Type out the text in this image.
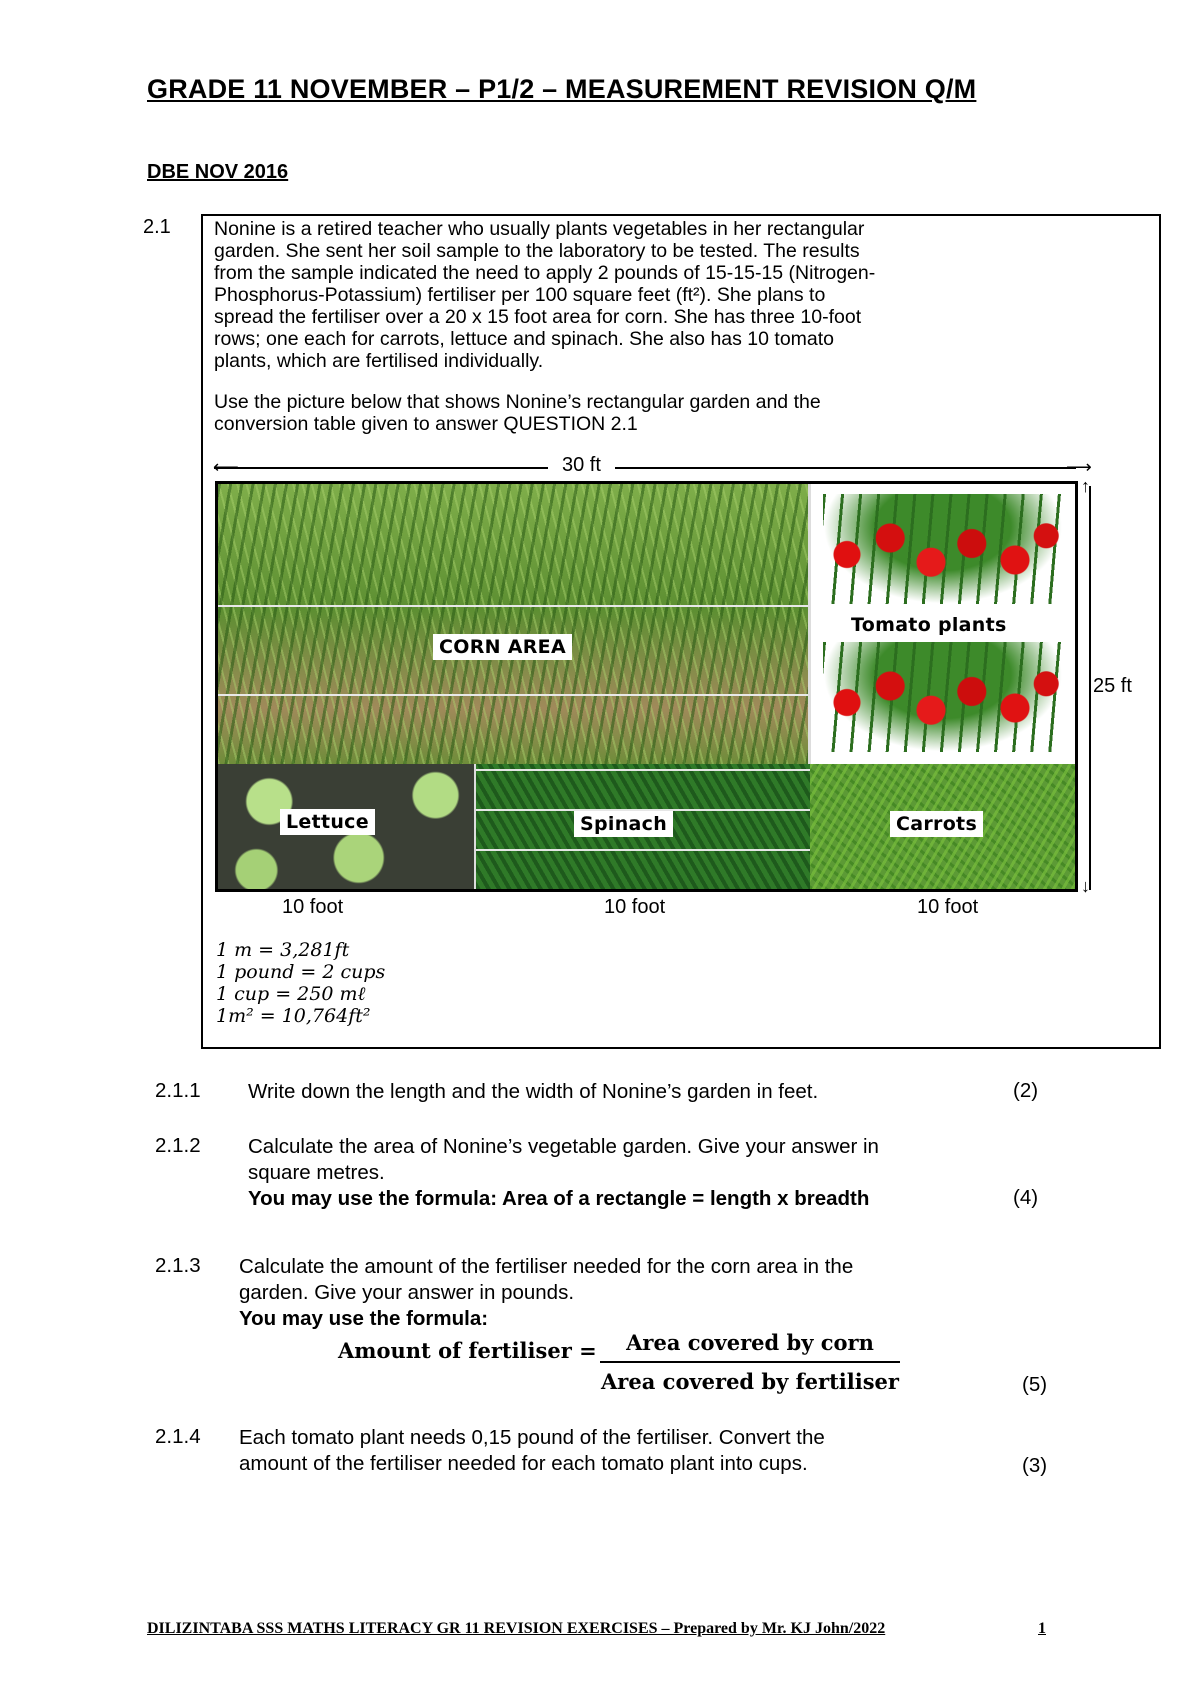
GRADE 11 NOVEMBER – P1/2 – MEASUREMENT REVISION Q/M
DBE NOV 2016
2.1 Nonine is a retired teacher who usually plants vegetables in her rectangular
garden. She sent her soil sample to the laboratory to be tested. The results
from the sample indicated the need to apply 2 pounds of 15-15-15 (Nitrogen-
Phosphorus-Potassium) fertiliser per 100 square feet (ft²). She plans to
spread the fertiliser over a 20 x 15 foot area for corn. She has three 10-foot
rows; one each for carrots, lettuce and spinach. She also has 10 tomato
plants, which are fertilised individually.
Use the picture below that shows Nonine’s rectangular garden and the
conversion table given to answer QUESTION 2.1
⟵	⟶
30 ft
CORN AREA
Tomato plants
Lettuce	Spinach	Carrots
↑
↓
25 ft
10 foot	10 foot	10 foot
1 m = 3,281ft
1 pound = 2 cups
1 cup = 250 mℓ
1m² = 10,764ft²
2.1.1 Write down the length and the width of Nonine’s garden in feet.	(2)
2.1.2 Calculate the area of Nonine’s vegetable garden. Give your answer in
square metres.
You may use the formula: Area of a rectangle = length x breadth	(4)
2.1.3 Calculate the amount of the fertiliser needed for the corn area in the
garden. Give your answer in pounds.
You may use the formula:
Amount of fertiliser =	Area covered by corn
Area covered by fertiliser	(5)
2.1.4 Each tomato plant needs 0,15 pound of the fertiliser. Convert the
amount of the fertiliser needed for each tomato plant into cups.	(3)
DILIZINTABA SSS MATHS LITERACY GR 11 REVISION EXERCISES – Prepared by Mr. KJ John/2022	1
